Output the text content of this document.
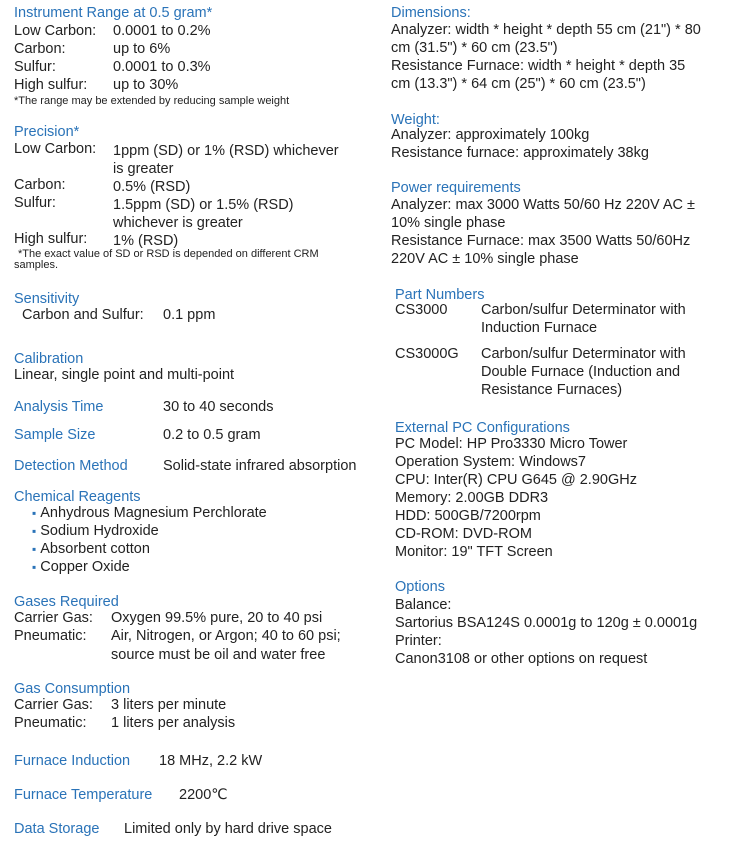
Instrument Range at 0.5 gram*
Low Carbon: 0.0001 to 0.2%
Carbon:	up to 6%
Sulfur:	0.0001 to 0.3%
High sulfur: up to 30%
*The range may be extended by reducing sample weight
Precision*
Low Carbon: 1ppm (SD) or 1% (RSD) whichever
is greater
Carbon:	0.5% (RSD)
Sulfur:	1.5ppm (SD) or 1.5% (RSD)
whichever is greater
High sulfur: 1% (RSD)
*The exact value of SD or RSD is depended on different CRM
samples.
Sensitivity
Carbon and Sulfur: 0.1 ppm
Calibration
Linear, single point and multi-point
Analysis Time	30 to 40 seconds
Sample Size	0.2 to 0.5 gram
Detection Method Solid-state infrared absorption
Chemical Reagents
▪ Anhydrous Magnesium Perchlorate
▪ Sodium Hydroxide
▪ Absorbent cotton
▪ Copper Oxide
Gases Required
Carrier Gas: Oxygen 99.5% pure, 20 to 40 psi
Pneumatic: Air, Nitrogen, or Argon; 40 to 60 psi;
source must be oil and water free
Gas Consumption
Carrier Gas: 3 liters per minute
Pneumatic: 1 liters per analysis
Furnace Induction 18 MHz, 2.2 kW
Furnace Temperature 2200℃
Data Storage Limited only by hard drive space
Dimensions:
Analyzer: width * height * depth 55 cm (21") * 80
cm (31.5") * 60 cm (23.5")
Resistance Furnace: width * height * depth 35
cm (13.3") * 64 cm (25") * 60 cm (23.5")
Weight:
Analyzer: approximately 100kg
Resistance furnace: approximately 38kg
Power requirements
Analyzer: max 3000 Watts 50/60 Hz 220V AC ±
10% single phase
Resistance Furnace: max 3500 Watts 50/60Hz
220V AC ± 10% single phase
Part Numbers
CS3000 Carbon/sulfur Determinator with
Induction Furnace
CS3000G Carbon/sulfur Determinator with
Double Furnace (Induction and
Resistance Furnaces)
External PC Configurations
PC Model: HP Pro3330 Micro Tower
Operation System: Windows7
CPU: Inter(R) CPU G645 @ 2.90GHz
Memory: 2.00GB DDR3
HDD: 500GB/7200rpm
CD-ROM: DVD-ROM
Monitor: 19" TFT Screen
Options
Balance:
Sartorius BSA124S 0.0001g to 120g ± 0.0001g
Printer:
Canon3108 or other options on request
